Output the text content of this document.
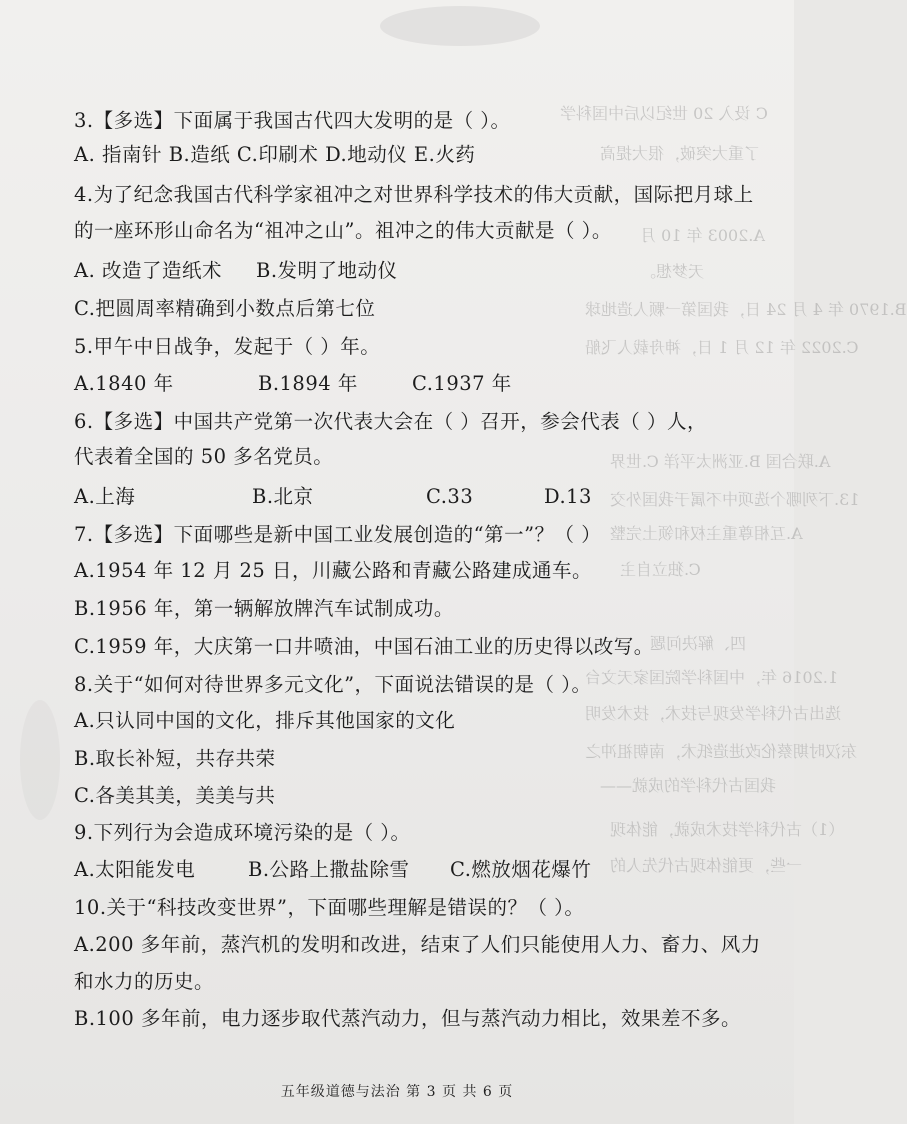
C 设入 20 世纪以后中国科学
了重大突破，很大提高
A.2003 年 10 月
天梦想。
B.1970 年 4 月 24 日，我国第一颗人造地球
C.2022 年 12 月 1 日，神舟载人飞船
A.联合国 B.亚洲太平洋 C.世界
13.下列哪个选项中不属于我国外交
A.互相尊重主权和领土完整
C.独立自主
四、解决问题
1.2016 年，中国科学院国家天文台
选出古代科学发现与技术，技术发明
东汉时期蔡伦改进造纸术，南朝祖冲之
我国古代科学的成就——
（1）古代科学技术成就，能体现
一些，更能体现古代先人的
3.【多选】下面属于我国古代四大发明的是（ ）。
A. 指南针 B.造纸 C.印刷术 D.地动仪 E.火药
4.为了纪念我国古代科学家祖冲之对世界科学技术的伟大贡献，国际把月球上
的一座环形山命名为“祖冲之山”。祖冲之的伟大贡献是（ ）。
A. 改造了造纸术 B.发明了地动仪
C.把圆周率精确到小数点后第七位
5.甲午中日战争，发起于（ ）年。
A.1840 年	B.1894 年	C.1937 年
6.【多选】中国共产党第一次代表大会在（ ）召开，参会代表（ ）人，
代表着全国的 50 多名党员。
A.上海	B.北京	C.33	D.13
7.【多选】下面哪些是新中国工业发展创造的“第一”？（ ）
A.1954 年 12 月 25 日，川藏公路和青藏公路建成通车。
B.1956 年，第一辆解放牌汽车试制成功。
C.1959 年，大庆第一口井喷油，中国石油工业的历史得以改写。
8.关于“如何对待世界多元文化”，下面说法错误的是（ ）。
A.只认同中国的文化，排斥其他国家的文化
B.取长补短，共存共荣
C.各美其美，美美与共
9.下列行为会造成环境污染的是（ ）。
A.太阳能发电	B.公路上撒盐除雪 C.燃放烟花爆竹
10.关于“科技改变世界”，下面哪些理解是错误的？（ ）。
A.200 多年前，蒸汽机的发明和改进，结束了人们只能使用人力、畜力、风力
和水力的历史。
B.100 多年前，电力逐步取代蒸汽动力，但与蒸汽动力相比，效果差不多。
五年级道德与法治 第 3 页 共 6 页
